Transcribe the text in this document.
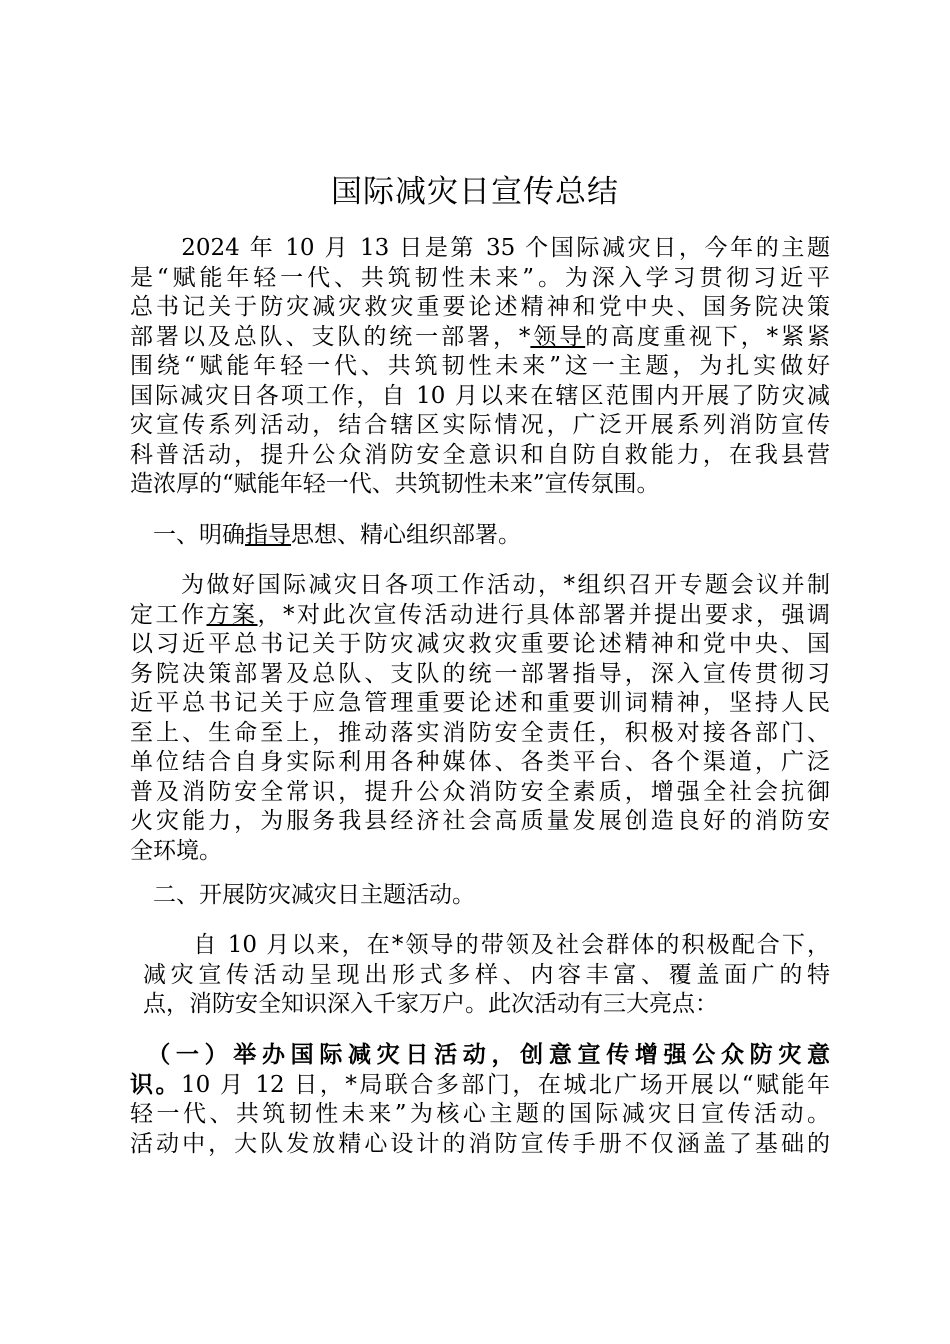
国际减灾日宣传总结
　　2024 年 10 月 13 日是第 35 个国际减灾日，今年的主题
是“赋能年轻一代、共筑韧性未来”。为深入学习贯彻习近平
总书记关于防灾减灾救灾重要论述精神和党中央、国务院决策
部署以及总队、支队的统一部署，*领导的高度重视下，*紧紧
围绕“赋能年轻一代、共筑韧性未来”这一主题，为扎实做好
国际减灾日各项工作，自 10 月以来在辖区范围内开展了防灾减
灾宣传系列活动，结合辖区实际情况，广泛开展系列消防宣传
科普活动，提升公众消防安全意识和自防自救能力，在我县营
造浓厚的“赋能年轻一代、共筑韧性未来”宣传氛围。
　一、明确指导思想、精心组织部署。
　　为做好国际减灾日各项工作活动，*组织召开专题会议并制
定工作方案，*对此次宣传活动进行具体部署并提出要求，强调
以习近平总书记关于防灾减灾救灾重要论述精神和党中央、国
务院决策部署及总队、支队的统一部署指导，深入宣传贯彻习
近平总书记关于应急管理重要论述和重要训词精神，坚持人民
至上、生命至上，推动落实消防安全责任，积极对接各部门、
单位结合自身实际利用各种媒体、各类平台、各个渠道，广泛
普及消防安全常识，提升公众消防安全素质，增强全社会抗御
火灾能力，为服务我县经济社会高质量发展创造良好的消防安
全环境。
　二、开展防灾减灾日主题活动。
　　自 10 月以来，在*领导的带领及社会群体的积极配合下，
减灾宣传活动呈现出形式多样、内容丰富、覆盖面广的特
点，消防安全知识深入千家万户。此次活动有三大亮点：
　（一）举办国际减灾日活动，创意宣传增强公众防灾意
识。10 月 12 日，*局联合多部门，在城北广场开展以“赋能年
轻一代、共筑韧性未来”为核心主题的国际减灾日宣传活动。
活动中，大队发放精心设计的消防宣传手册不仅涵盖了基础的
